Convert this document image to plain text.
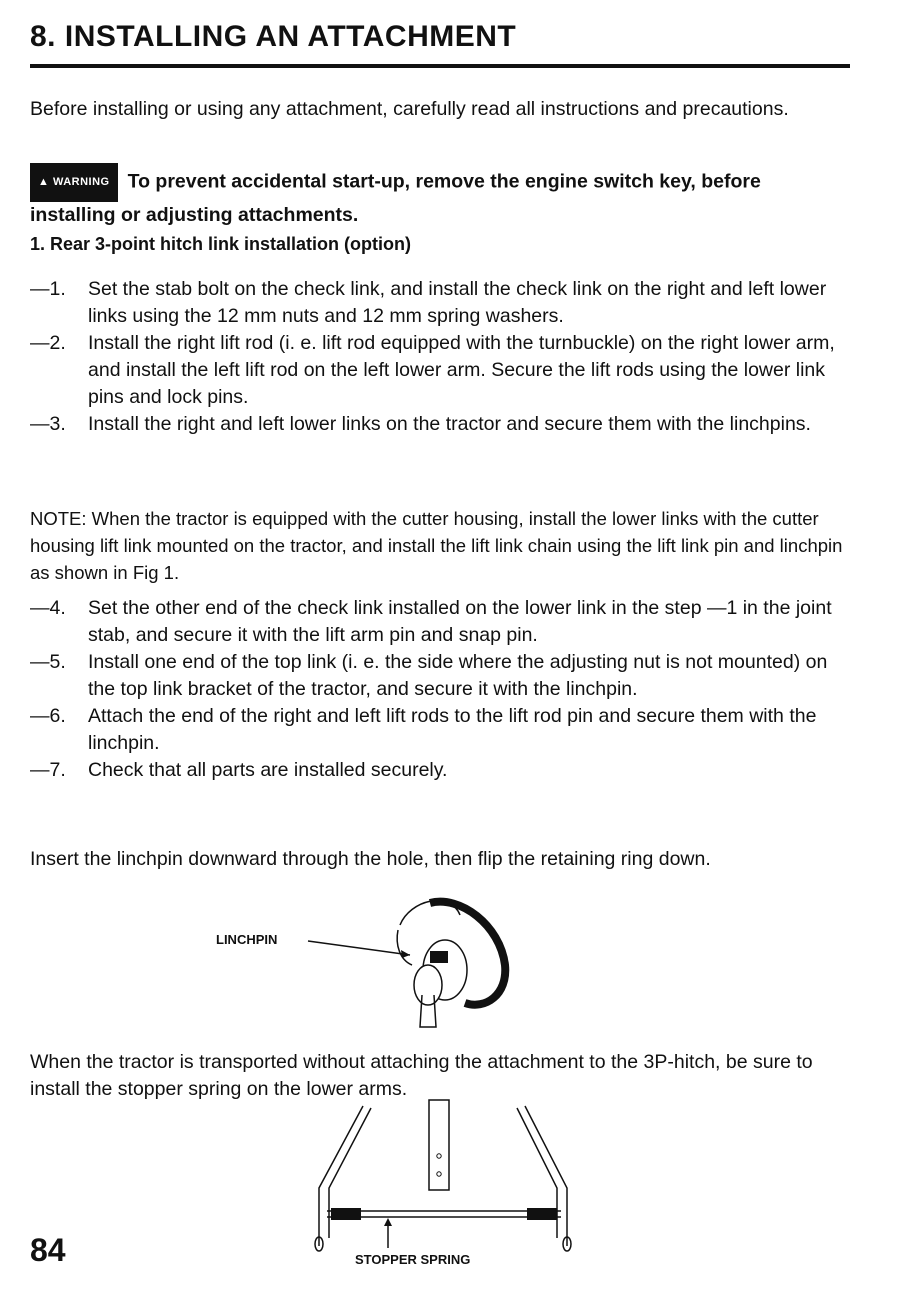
8. INSTALLING AN ATTACHMENT
Before installing or using any attachment, carefully read all instructions and precautions.
▲ WARNING To prevent accidental start-up, remove the engine switch key, before installing or adjusting attachments.
1. Rear 3-point hitch link installation (option)
—1.	Set the stab bolt on the check link, and install the check link on the right and left lower links using the 12 mm nuts and 12 mm spring washers.
—2.	Install the right lift rod (i. e. lift rod equipped with the turnbuckle) on the right lower arm, and install the left lift rod on the left lower arm. Secure the lift rods using the lower link pins and lock pins.
—3.	Install the right and left lower links on the tractor and secure them with the linchpins.
NOTE: When the tractor is equipped with the cutter housing, install the lower links with the cutter housing lift link mounted on the tractor, and install the lift link chain using the lift link pin and linchpin as shown in Fig 1.
—4.	Set the other end of the check link installed on the lower link in the step —1 in the joint stab, and secure it with the lift arm pin and snap pin.
—5.	Install one end of the top link (i. e. the side where the adjusting nut is not mounted) on the top link bracket of the tractor, and secure it with the linchpin.
—6.	Attach the end of the right and left lift rods to the lift rod pin and secure them with the linchpin.
—7.	Check that all parts are installed securely.
Insert the linchpin downward through the hole, then flip the retaining ring down.
LINCHPIN
When the tractor is transported without attaching the attachment to the 3P-hitch, be sure to install the stopper spring on the lower arms.
STOPPER SPRING
84
